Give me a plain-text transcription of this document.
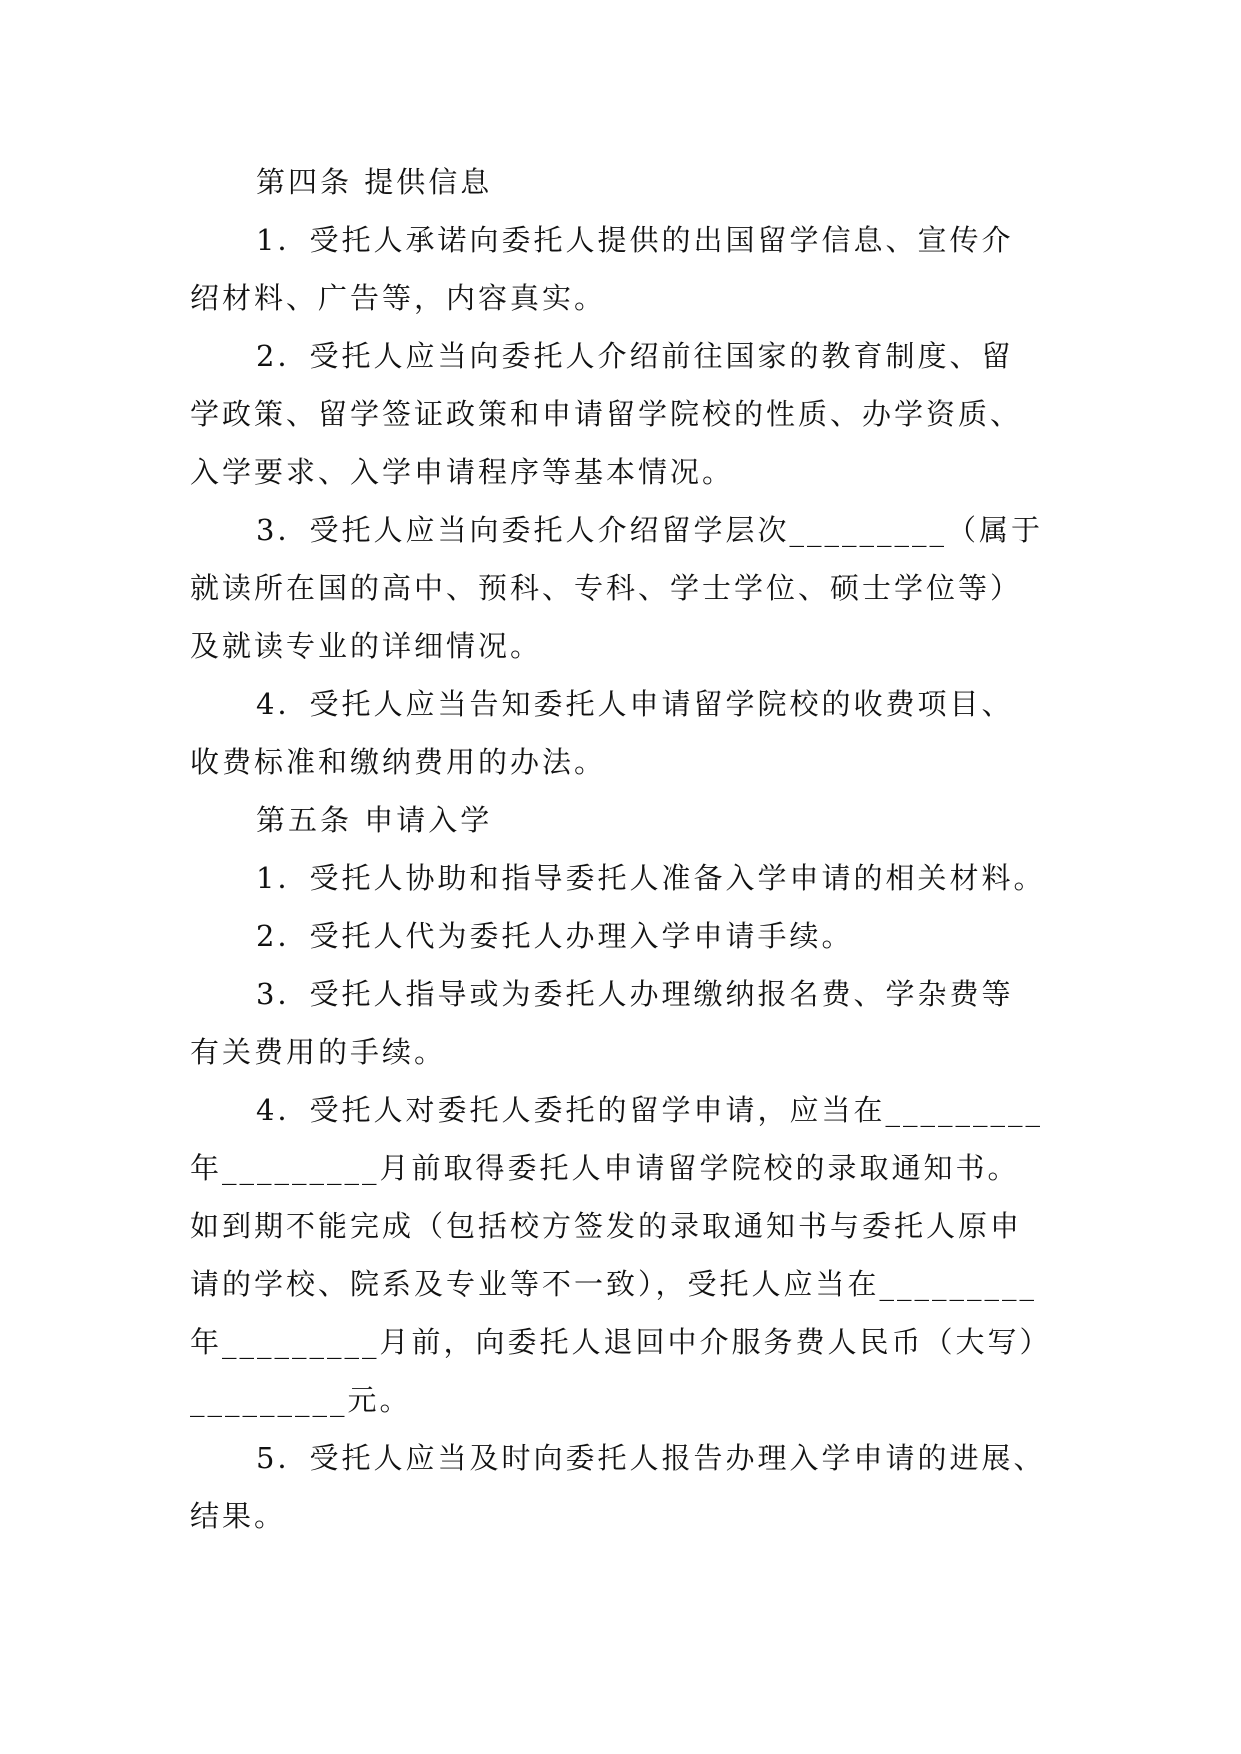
第四条 提供信息
1．受托人承诺向委托人提供的出国留学信息、宣传介
绍材料、广告等，内容真实。
2．受托人应当向委托人介绍前往国家的教育制度、留
学政策、留学签证政策和申请留学院校的性质、办学资质、
入学要求、入学申请程序等基本情况。
3．受托人应当向委托人介绍留学层次_________（属于
就读所在国的高中、预科、专科、学士学位、硕士学位等）
及就读专业的详细情况。
4．受托人应当告知委托人申请留学院校的收费项目、
收费标准和缴纳费用的办法。
第五条 申请入学
1．受托人协助和指导委托人准备入学申请的相关材料。
2．受托人代为委托人办理入学申请手续。
3．受托人指导或为委托人办理缴纳报名费、学杂费等
有关费用的手续。
4．受托人对委托人委托的留学申请，应当在_________
年_________月前取得委托人申请留学院校的录取通知书。
如到期不能完成（包括校方签发的录取通知书与委托人原申
请的学校、院系及专业等不一致），受托人应当在_________
年_________月前，向委托人退回中介服务费人民币（大写）
_________元。
5．受托人应当及时向委托人报告办理入学申请的进展、
结果。
